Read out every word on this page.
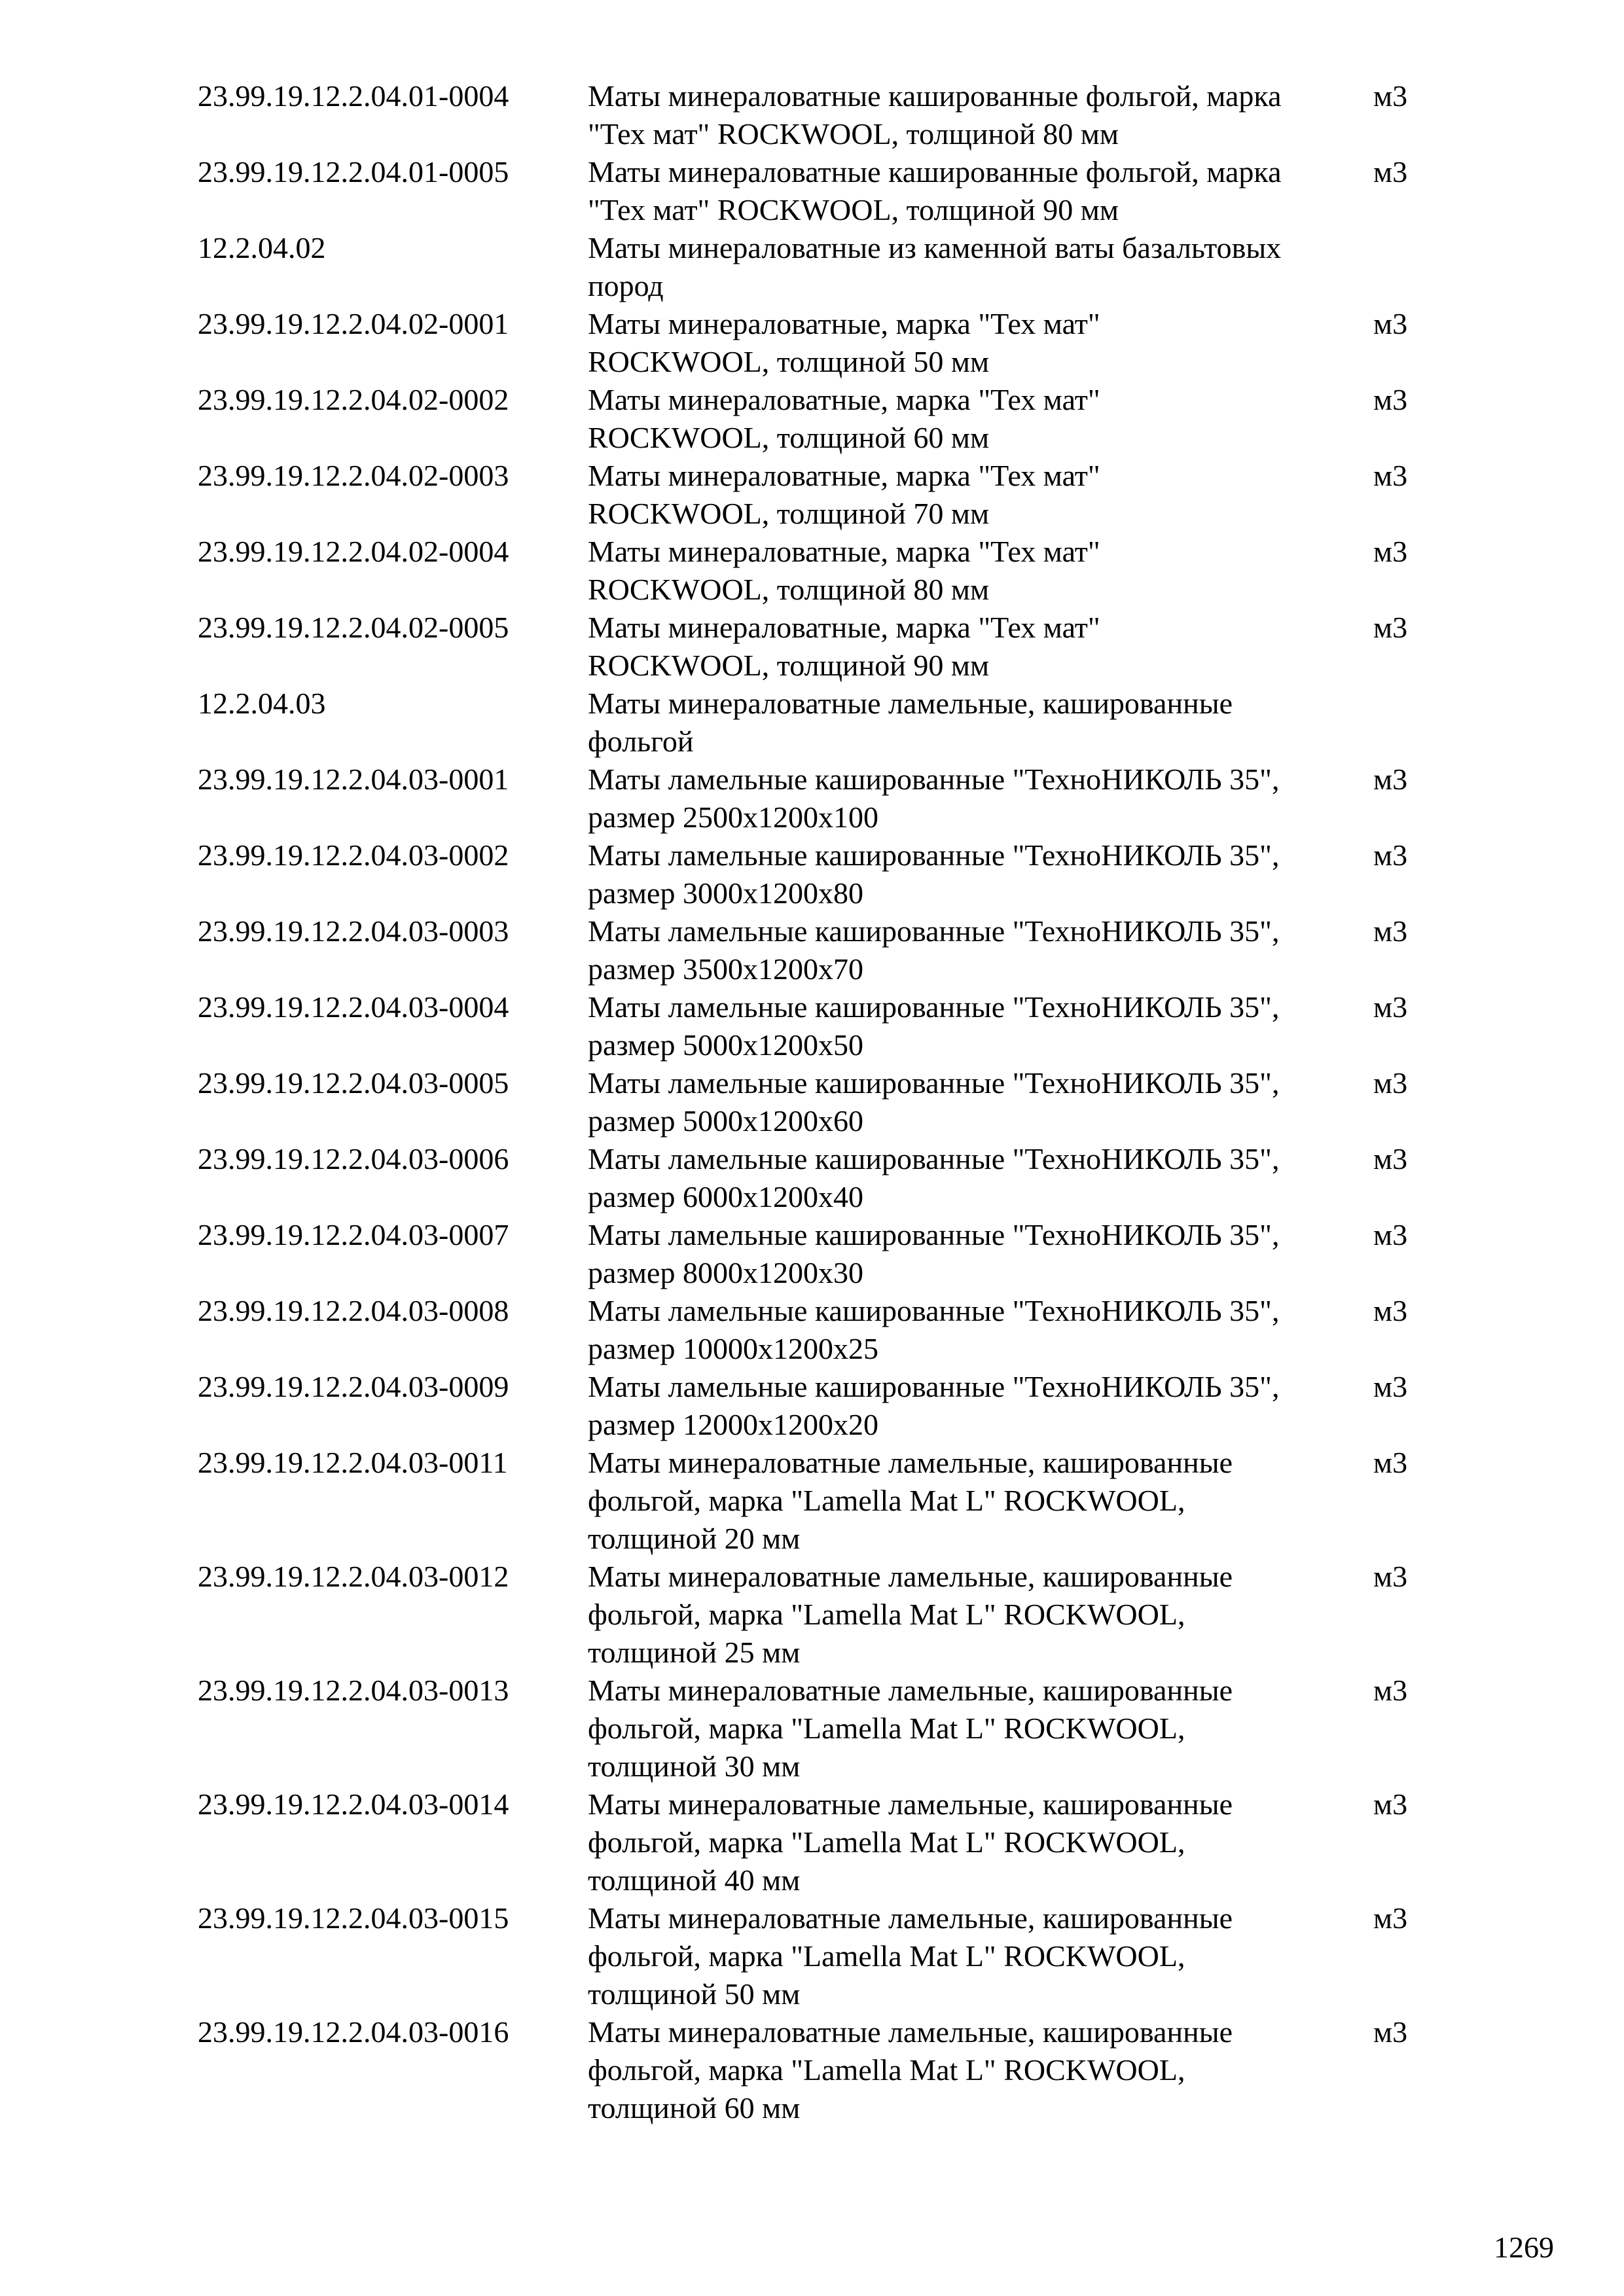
23.99.19.12.2.04.01-0004	Маты минераловатные кашированные фольгой, марка
"Тех мат" ROCKWOOL, толщиной 80 мм
м3
23.99.19.12.2.04.01-0005	Маты минераловатные кашированные фольгой, марка
"Тех мат" ROCKWOOL, толщиной 90 мм
м3
12.2.04.02	Маты минераловатные из каменной ваты базальтовых
пород
23.99.19.12.2.04.02-0001	Маты минераловатные, марка "Тех мат"
ROCKWOOL, толщиной 50 мм
м3
23.99.19.12.2.04.02-0002	Маты минераловатные, марка "Тех мат"
ROCKWOOL, толщиной 60 мм
м3
23.99.19.12.2.04.02-0003	Маты минераловатные, марка "Тех мат"
ROCKWOOL, толщиной 70 мм
м3
23.99.19.12.2.04.02-0004	Маты минераловатные, марка "Тех мат"
ROCKWOOL, толщиной 80 мм
м3
23.99.19.12.2.04.02-0005	Маты минераловатные, марка "Тех мат"
ROCKWOOL, толщиной 90 мм
м3
12.2.04.03	Маты минераловатные ламельные, кашированные
фольгой
23.99.19.12.2.04.03-0001	Маты ламельные кашированные "ТехноНИКОЛЬ 35",
размер 2500x1200x100
м3
23.99.19.12.2.04.03-0002	Маты ламельные кашированные "ТехноНИКОЛЬ 35",
размер 3000x1200x80
м3
23.99.19.12.2.04.03-0003	Маты ламельные кашированные "ТехноНИКОЛЬ 35",
размер 3500x1200x70
м3
23.99.19.12.2.04.03-0004	Маты ламельные кашированные "ТехноНИКОЛЬ 35",
размер 5000x1200x50
м3
23.99.19.12.2.04.03-0005	Маты ламельные кашированные "ТехноНИКОЛЬ 35",
размер 5000x1200x60
м3
23.99.19.12.2.04.03-0006	Маты ламельные кашированные "ТехноНИКОЛЬ 35",
размер 6000x1200x40
м3
23.99.19.12.2.04.03-0007	Маты ламельные кашированные "ТехноНИКОЛЬ 35",
размер 8000x1200x30
м3
23.99.19.12.2.04.03-0008	Маты ламельные кашированные "ТехноНИКОЛЬ 35",
размер 10000x1200x25
м3
23.99.19.12.2.04.03-0009	Маты ламельные кашированные "ТехноНИКОЛЬ 35",
размер 12000x1200x20
м3
23.99.19.12.2.04.03-0011	Маты минераловатные ламельные, кашированные
фольгой, марка "Lamella Mat L" ROCKWOOL,
толщиной 20 мм
м3
23.99.19.12.2.04.03-0012	Маты минераловатные ламельные, кашированные
фольгой, марка "Lamella Mat L" ROCKWOOL,
толщиной 25 мм
м3
23.99.19.12.2.04.03-0013	Маты минераловатные ламельные, кашированные
фольгой, марка "Lamella Mat L" ROCKWOOL,
толщиной 30 мм
м3
23.99.19.12.2.04.03-0014	Маты минераловатные ламельные, кашированные
фольгой, марка "Lamella Mat L" ROCKWOOL,
толщиной 40 мм
м3
23.99.19.12.2.04.03-0015	Маты минераловатные ламельные, кашированные
фольгой, марка "Lamella Mat L" ROCKWOOL,
толщиной 50 мм
м3
23.99.19.12.2.04.03-0016	Маты минераловатные ламельные, кашированные
фольгой, марка "Lamella Mat L" ROCKWOOL,
толщиной 60 мм
м3
1269
